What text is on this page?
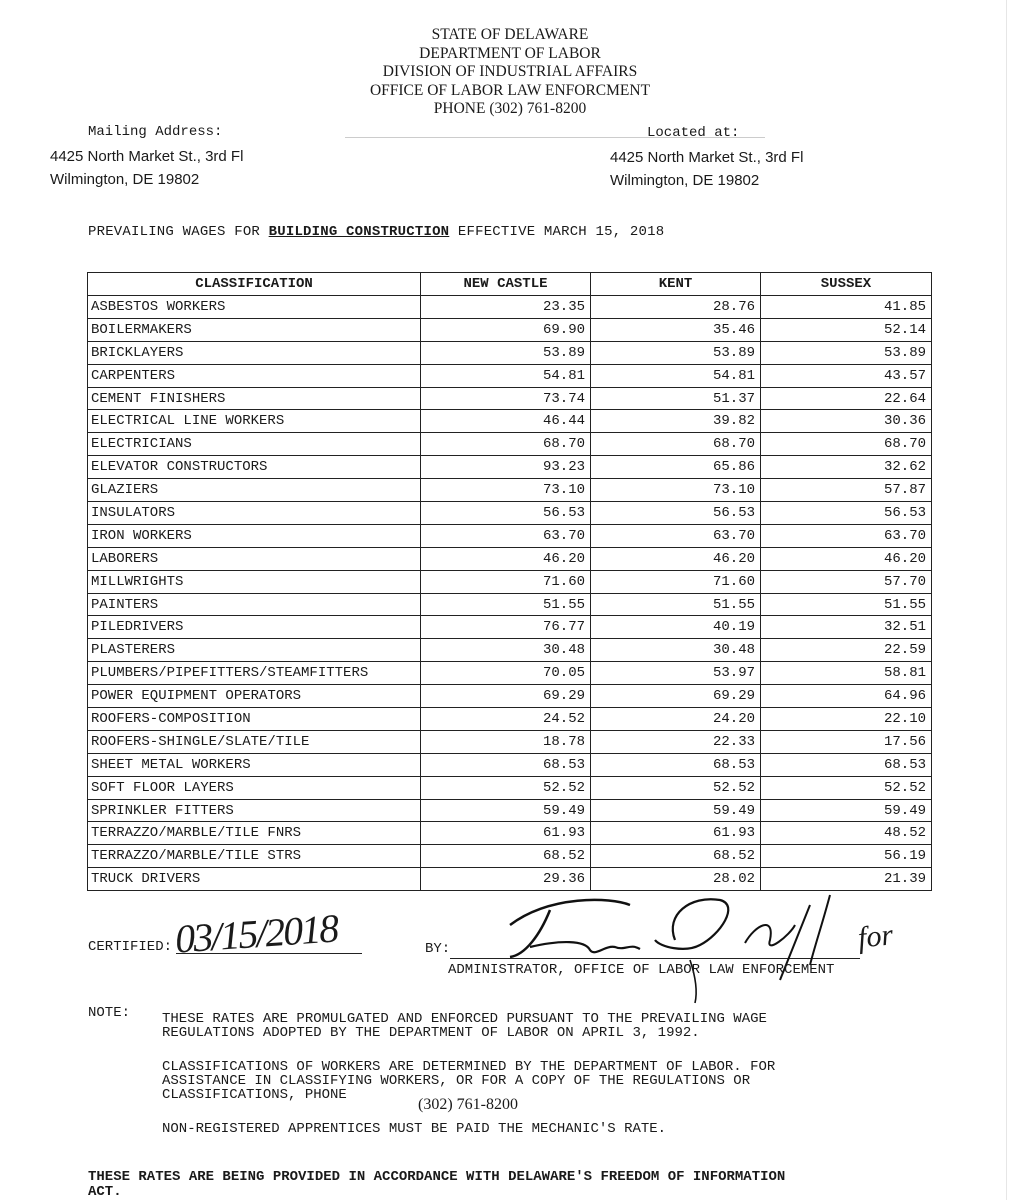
STATE OF DELAWARE
DEPARTMENT OF LABOR
DIVISION OF INDUSTRIAL AFFAIRS
OFFICE OF LABOR LAW ENFORCMENT
PHONE (302) 761-8200
Mailing Address:
4425 North Market St., 3rd Fl
Wilmington, DE 19802
Located at:
4425 North Market St., 3rd Fl
Wilmington, DE 19802
PREVAILING WAGES FOR BUILDING CONSTRUCTION EFFECTIVE MARCH 15, 2018
CLASSIFICATION	NEW CASTLE	KENT	SUSSEX
ASBESTOS WORKERS	23.35	28.76	41.85
BOILERMAKERS	69.90	35.46	52.14
BRICKLAYERS	53.89	53.89	53.89
CARPENTERS	54.81	54.81	43.57
CEMENT FINISHERS	73.74	51.37	22.64
ELECTRICAL LINE WORKERS	46.44	39.82	30.36
ELECTRICIANS	68.70	68.70	68.70
ELEVATOR CONSTRUCTORS	93.23	65.86	32.62
GLAZIERS	73.10	73.10	57.87
INSULATORS	56.53	56.53	56.53
IRON WORKERS	63.70	63.70	63.70
LABORERS	46.20	46.20	46.20
MILLWRIGHTS	71.60	71.60	57.70
PAINTERS	51.55	51.55	51.55
PILEDRIVERS	76.77	40.19	32.51
PLASTERERS	30.48	30.48	22.59
PLUMBERS/PIPEFITTERS/STEAMFITTERS	70.05	53.97	58.81
POWER EQUIPMENT OPERATORS	69.29	69.29	64.96
ROOFERS-COMPOSITION	24.52	24.20	22.10
ROOFERS-SHINGLE/SLATE/TILE	18.78	22.33	17.56
SHEET METAL WORKERS	68.53	68.53	68.53
SOFT FLOOR LAYERS	52.52	52.52	52.52
SPRINKLER FITTERS	59.49	59.49	59.49
TERRAZZO/MARBLE/TILE FNRS	61.93	61.93	48.52
TERRAZZO/MARBLE/TILE STRS	68.52	68.52	56.19
TRUCK DRIVERS	29.36	28.02	21.39
CERTIFIED: 03/15/2018	BY:	for
ADMINISTRATOR, OFFICE OF LABOR LAW ENFORCEMENT
NOTE: THESE RATES ARE PROMULGATED AND ENFORCED PURSUANT TO THE PREVAILING WAGE
REGULATIONS ADOPTED BY THE DEPARTMENT OF LABOR ON APRIL 3, 1992.
CLASSIFICATIONS OF WORKERS ARE DETERMINED BY THE DEPARTMENT OF LABOR. FOR
ASSISTANCE IN CLASSIFYING WORKERS, OR FOR A COPY OF THE REGULATIONS OR
CLASSIFICATIONS, PHONE
(302) 761-8200
NON-REGISTERED APPRENTICES MUST BE PAID THE MECHANIC'S RATE.
THESE RATES ARE BEING PROVIDED IN ACCORDANCE WITH DELAWARE'S FREEDOM OF INFORMATION
ACT.
